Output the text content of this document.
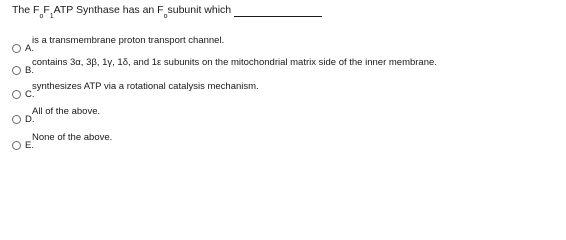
The F
o
F
1
ATP Synthase has an F
o
subunit which
A.
is a transmembrane proton transport channel.
B.
contains 3α, 3β, 1γ, 1δ, and 1ε subunits on the mitochondrial matrix side of the inner membrane.
C.
synthesizes ATP via a rotational catalysis mechanism.
D.
All of the above.
E.
None of the above.
